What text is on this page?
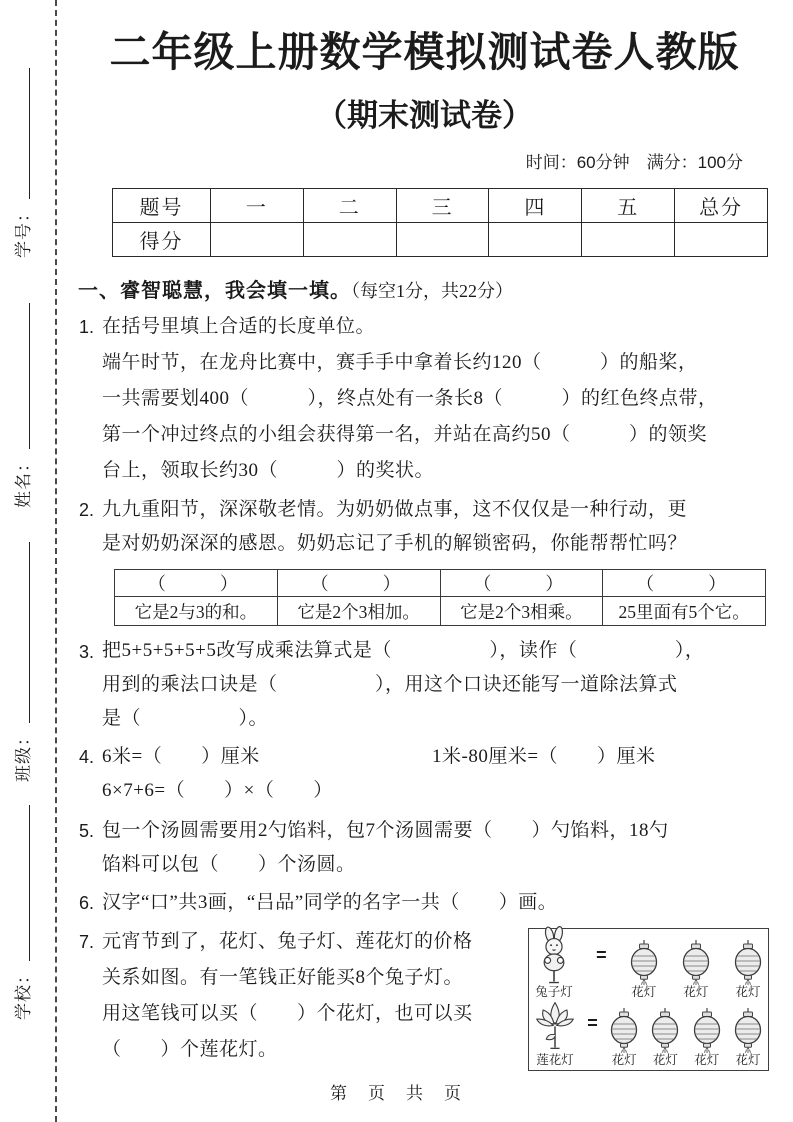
学号：
姓名：
班级：
学校：
二年级上册数学模拟测试卷人教版
（期末测试卷）
时间：60分钟　满分：100分
题号	一	二	三	四	五	总分
得分						
一、睿智聪慧，我会填一填。（每空1分，共22分）
1. 在括号里填上合适的长度单位。
端午时节，在龙舟比赛中，赛手手中拿着长约120（　　　）的船桨，
一共需要划400（　　　），终点处有一条长8（　　　）的红色终点带，
第一个冲过终点的小组会获得第一名，并站在高约50（　　　）的领奖
台上，领取长约30（　　　）的奖状。
2. 九九重阳节，深深敬老情。为奶奶做点事，这不仅仅是一种行动，更
是对奶奶深深的感恩。奶奶忘记了手机的解锁密码，你能帮帮忙吗？
（　　）	（　　）	（　　）	（　　）
它是2与3的和。	它是2个3相加。	它是2个3相乘。	25里面有5个它。
3. 把5+5+5+5+5改写成乘法算式是（　　　　　），读作（　　　　　），
用到的乘法口诀是（　　　　　），用这个口诀还能写一道除法算式
是（　　　　　）。
4. 6米=（　　）厘米	1米-80厘米=（　　）厘米
6×7+6=（　　）×（　　）
5. 包一个汤圆需要用2勺馅料，包7个汤圆需要（　　）勺馅料，18勺
馅料可以包（　　）个汤圆。
6. 汉字“口”共3画，“吕品”同学的名字一共（　　）画。
7. 元宵节到了，花灯、兔子灯、莲花灯的价格
关系如图。有一笔钱正好能买8个兔子灯。
用这笔钱可以买（　　）个花灯，也可以买
（　　）个莲花灯。
兔子灯
=
花灯 花灯 花灯
莲花灯
=
花灯 花灯 花灯 花灯
第　页　共　页
